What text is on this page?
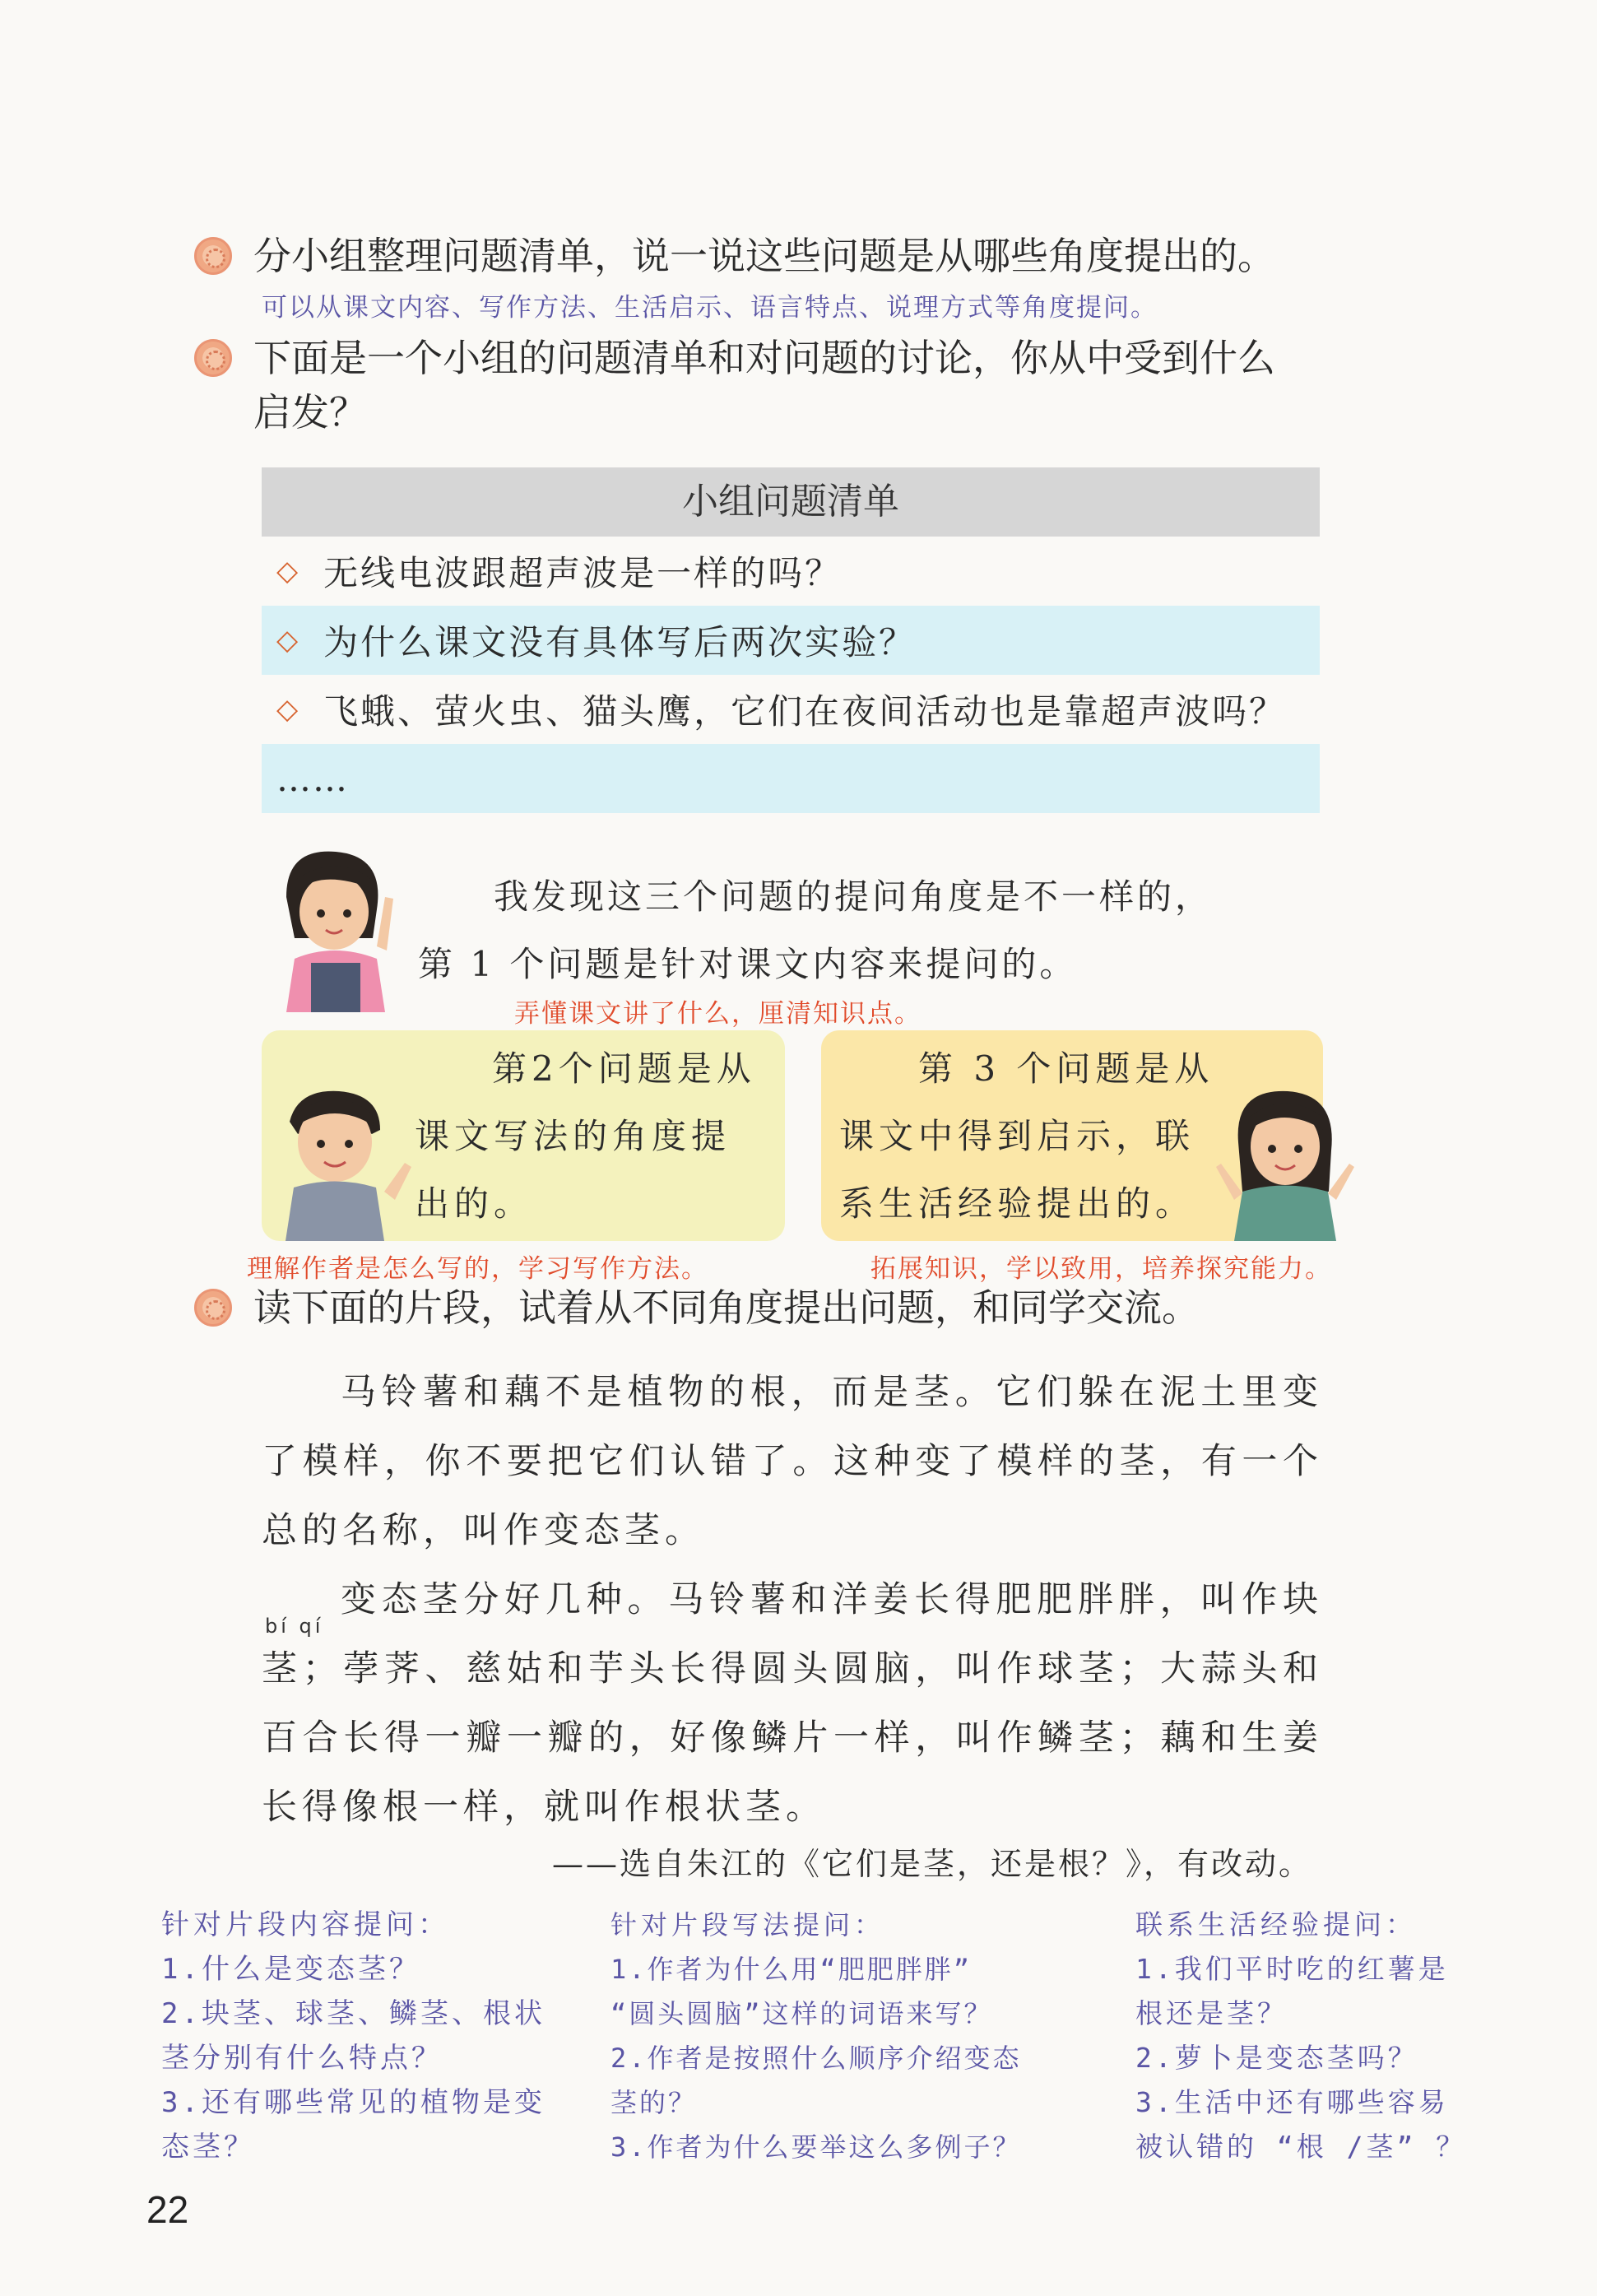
分小组整理问题清单，说一说这些问题是从哪些角度提出的。
可以从课文内容、写作方法、生活启示、语言特点、说理方式等角度提问。
下面是一个小组的问题清单和对问题的讨论，你从中受到什么
启发？
小组问题清单
◇ 无线电波跟超声波是一样的吗？
◇ 为什么课文没有具体写后两次实验？
◇ 飞蛾、萤火虫、猫头鹰，它们在夜间活动也是靠超声波吗？
……
我发现这三个问题的提问角度是不一样的，
第 1 个问题是针对课文内容来提问的。
弄懂课文讲了什么，厘清知识点。
第2个问题是从
课文写法的角度提
出的。
第 3 个问题是从
课文中得到启示，联
系生活经验提出的。
理解作者是怎么写的，学习写作方法。	拓展知识，学以致用，培养探究能力。
读下面的片段，试着从不同角度提出问题，和同学交流。
马铃薯和藕不是植物的根，而是茎。它们躲在泥土里变了模样，你不要把它们认错了。这种变了模样的茎，有一个总的名称，叫作变态茎。
bí qí
变态茎分好几种。马铃薯和洋姜长得肥肥胖胖，叫作块茎；荸荠、慈姑和芋头长得圆头圆脑，叫作球茎；大蒜头和百合长得一瓣一瓣的，好像鳞片一样，叫作鳞茎；藕和生姜长得像根一样，就叫作根状茎。
——选自朱江的《它们是茎，还是根？》，有改动。
针对片段内容提问：
1.什么是变态茎？
2.块茎、球茎、鳞茎、根状
茎分别有什么特点？
3.还有哪些常见的植物是变
态茎？
针对片段写法提问：
1.作者为什么用“肥肥胖胖”
“圆头圆脑”这样的词语来写？
2.作者是按照什么顺序介绍变态
茎的？
3.作者为什么要举这么多例子？
联系生活经验提问：
1.我们平时吃的红薯是
根还是茎？
2.萝卜是变态茎吗？
3.生活中还有哪些容易
被认错的 “根 /茎” ？
22
